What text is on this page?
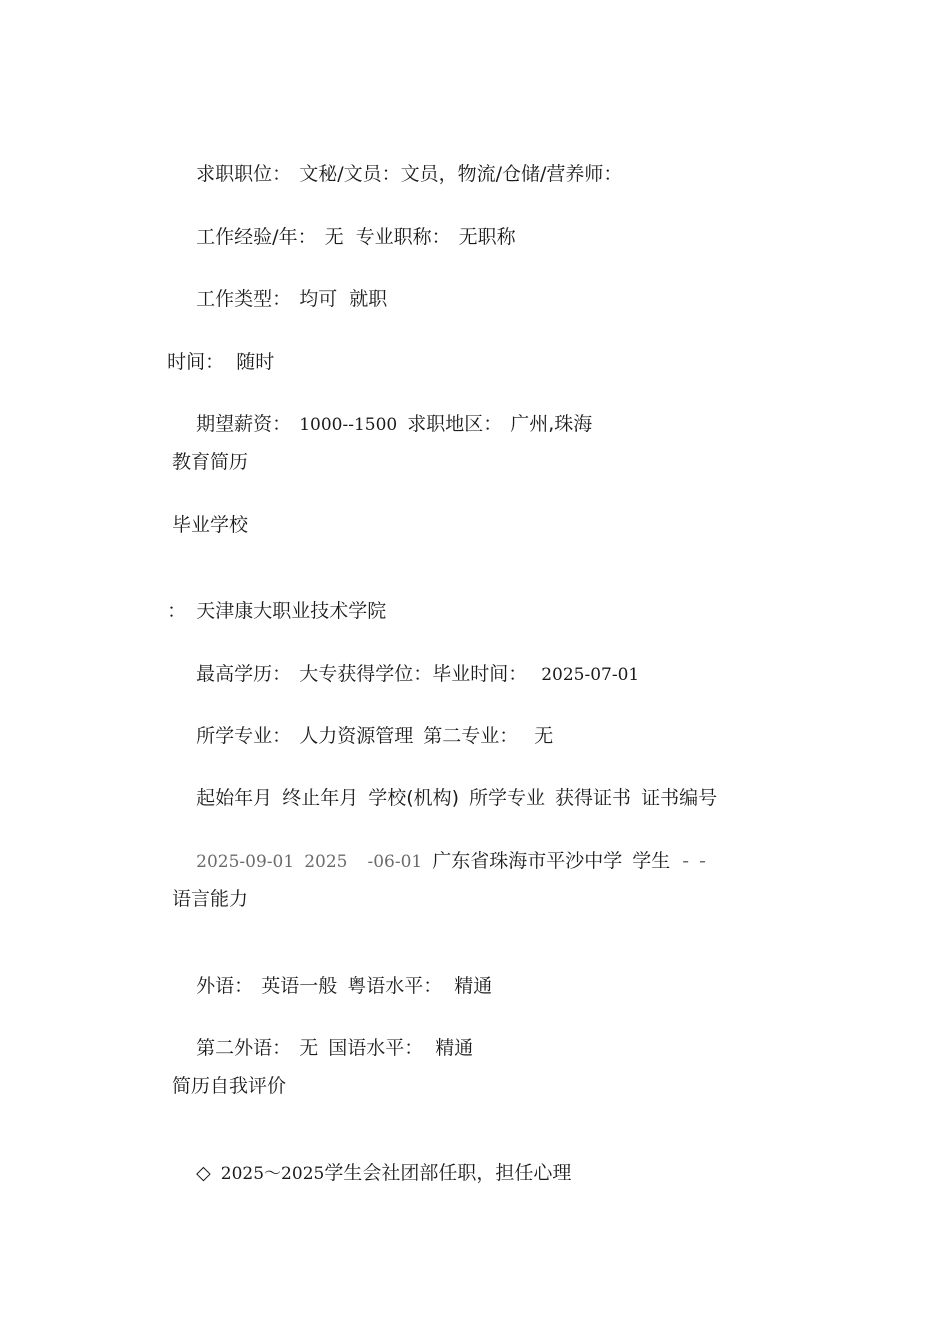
求职职位： 文秘/文员：文员，物流/仓储/营养师：

工作经验/年： 无 专业职称： 无职称

工作类型： 均可 就职

时间： 随时

期望薪资： 1000--1500 求职地区： 广州,珠海

教育简历
毕业学校

： 天津康大职业技术学院

最高学历： 大专获得学位：毕业时间： 2025-07-01

所学专业： 人力资源管理 第二专业： 无

起始年月 终止年月 学校(机构) 所学专业 获得证书 证书编号

2025-09-01 2025 -06-01 广东省珠海市平沙中学 学生 - -

语言能力

外语： 英语一般 粤语水平： 精通

第二外语： 无 国语水平： 精通

简历自我评价

◇ 2025～2025学生会社团部任职，担任心理
